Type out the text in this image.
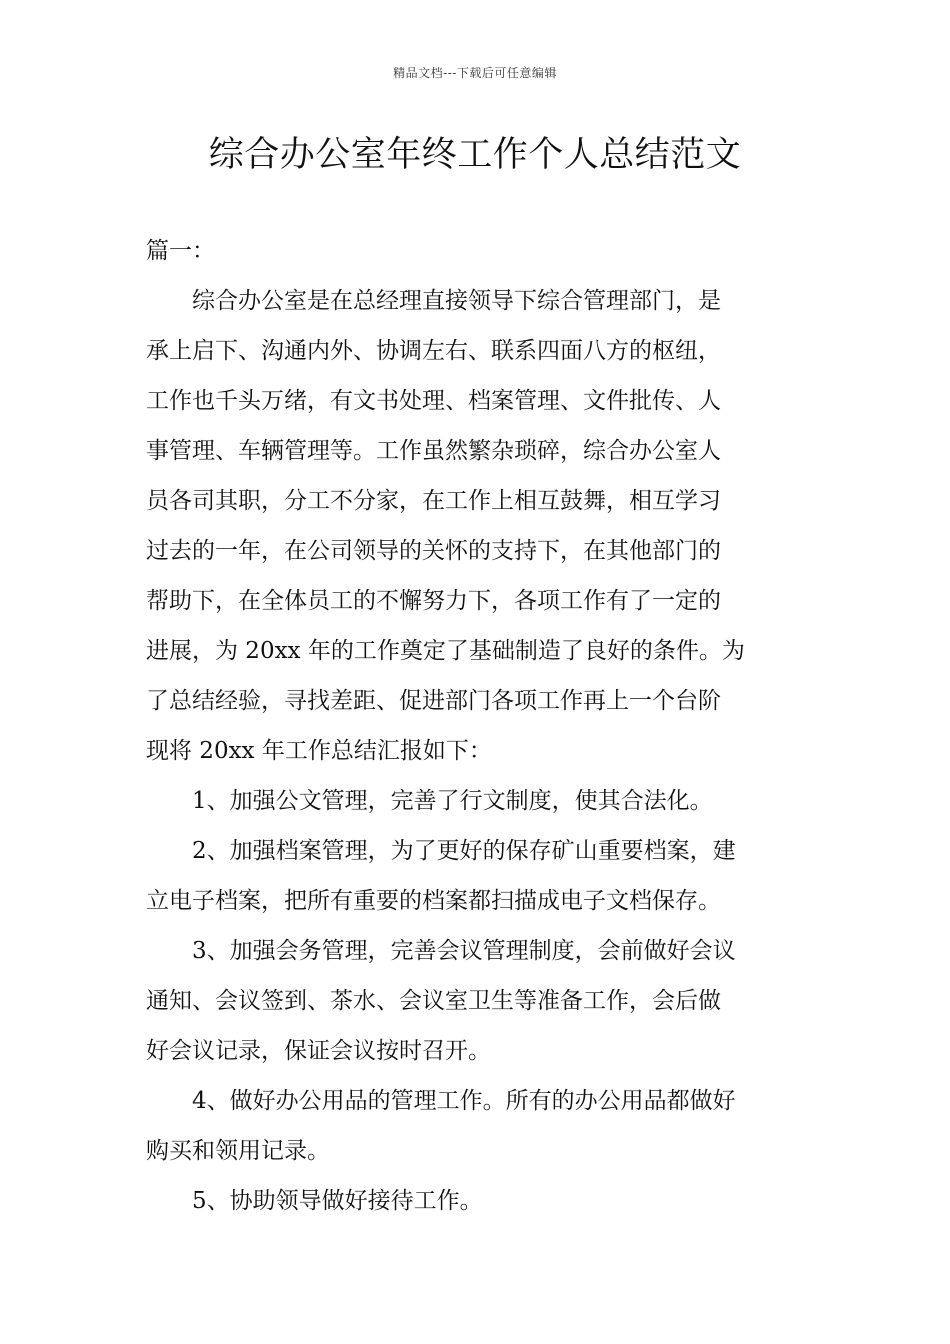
精品文档---下载后可任意编辑
综合办公室年终工作个人总结范文
篇一：
综合办公室是在总经理直接领导下综合管理部门，是
承上启下、沟通内外、协调左右、联系四面八方的枢纽，
工作也千头万绪，有文书处理、档案管理、文件批传、人
事管理、车辆管理等。工作虽然繁杂琐碎，综合办公室人
员各司其职，分工不分家，在工作上相互鼓舞，相互学习
过去的一年，在公司领导的关怀的支持下，在其他部门的
帮助下，在全体员工的不懈努力下，各项工作有了一定的
进展，为 20xx 年的工作奠定了基础制造了良好的条件。为
了总结经验，寻找差距、促进部门各项工作再上一个台阶
现将 20xx 年工作总结汇报如下：
1、加强公文管理，完善了行文制度，使其合法化。
2、加强档案管理，为了更好的保存矿山重要档案，建
立电子档案，把所有重要的档案都扫描成电子文档保存。
3、加强会务管理，完善会议管理制度，会前做好会议
通知、会议签到、茶水、会议室卫生等准备工作，会后做
好会议记录，保证会议按时召开。
4、做好办公用品的管理工作。所有的办公用品都做好
购买和领用记录。
5、协助领导做好接待工作。
